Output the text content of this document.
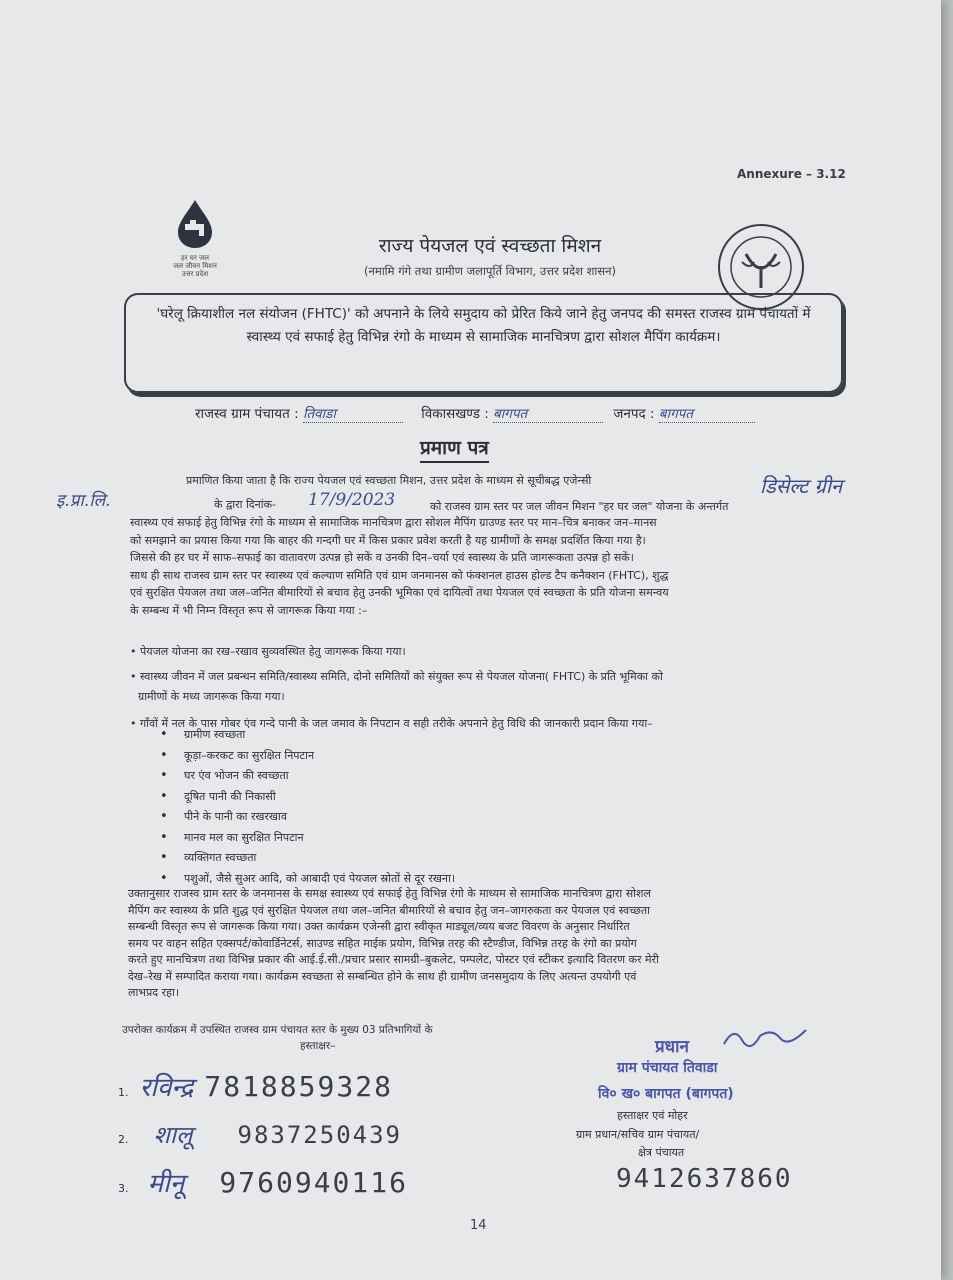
Annexure – 3.12
हर घर जल
जल जीवन मिशन
उत्तर प्रदेश
राज्य पेयजल एवं स्वच्छता मिशन
(नमामि गंगे तथा ग्रामीण जलापूर्ति विभाग, उत्तर प्रदेश शासन)

'घरेलू क्रियाशील नल संयोजन (FHTC)' को अपनाने के लिये समुदाय को प्रेरित किये जाने हेतु जनपद की समस्त राजस्व ग्राम पंचायतों में स्वास्थ्य एवं सफाई हेतु विभिन्न रंगो के माध्यम से सामाजिक मानचित्रण द्वारा सोशल मैपिंग कार्यक्रम।

राजस्व ग्राम पंचायत : तिवाडा	विकासखण्ड : बागपत	जनपद : बागपत
प्रमाण पत्र
प्रमाणित किया जाता है कि राज्य पेयजल एवं स्वच्छता मिशन, उत्तर प्रदेश के माध्यम से सूचीबद्ध एजेन्सी	डिसेल्ट ग्रीन
इ.प्रा.लि.	के द्वारा दिनांक- 17/9/2023	को राजस्व ग्राम स्तर पर जल जीवन मिशन "हर घर जल" योजना के अन्तर्गत
स्वास्थ्य एवं सफाई हेतु विभिन्न रंगो के माध्यम से सामाजिक मानचित्रण द्वारा सोशल मैपिंग ग्राउण्ड स्तर पर मान–चित्र बनाकर जन–मानस
को समझाने का प्रयास किया गया कि बाहर की गन्दगी घर में किस प्रकार प्रवेश करती है यह ग्रामीणों के समक्ष प्रदर्शित किया गया है।
जिससे की हर घर में साफ–सफाई का वातावरण उत्पन्न हो सकें व उनकी दिन–चर्या एवं स्वास्थ्य के प्रति जागरूकता उत्पन्न हो सकें।
साथ ही साथ राजस्व ग्राम स्तर पर स्वास्थ्य एवं कल्याण समिति एवं ग्राम जनमानस को फंक्शनल हाउस होल्ड टैप कनैक्शन (FHTC), शुद्ध
एवं सुरक्षित पेयजल तथा जल–जनित बीमारियों से बचाव हेतु उनकी भूमिका एवं दायित्वों तथा पेयजल एवं स्वच्छता के प्रति योजना समन्वय
के सम्बन्ध में भी निम्न विस्तृत रूप से जागरूक किया गया :–
• पेयजल योजना का रख–रखाव सुव्यवस्थित हेतु जागरूक किया गया।
• स्वास्थ्य जीवन में जल प्रबन्धन समिति/स्वास्थ्य समिति, दोनो समितियों को संयुक्त रूप से पेयजल योजना( FHTC) के प्रति भूमिका को
ग्रामीणों के मध्य जागरूक किया गया।
• गाँवों में नल के पास गोबर एंव गन्दे पानी के जल जमाव के निपटान व सही तरीके अपनाने हेतु विधि की जानकारी प्रदान किया गया–
• ग्रामीण स्वच्छता
• कूड़ा–करकट का सुरक्षित निपटान
• घर एंव भोजन की स्वच्छता
• दूषित पानी की निकासी
• पीने के पानी का रखरखाव
• मानव मल का सुरक्षित निपटान
• व्यक्तिगत स्वच्छता
• पशुओं, जैसे सुअर आदि, को आबादी एवं पेयजल स्रोतों से दूर रखना।
उक्तानुसार राजस्व ग्राम स्तर के जनमानस के समक्ष स्वास्थ्य एवं सफाई हेतु विभिन्न रंगो के माध्यम से सामाजिक मानचित्रण द्वारा सोशल
मैपिंग कर स्वास्थ्य के प्रति शुद्ध एवं सुरक्षित पेयजल तथा जल–जनित बीमारियों से बचाव हेतु जन–जागरुकता कर पेयजल एवं स्वच्छता
सम्बन्धी विस्तृत रूप से जागरूक किया गया। उक्त कार्यक्रम एजेन्सी द्वारा स्वीकृत माड्यूल/व्यय बजट विवरण के अनुसार निर्धारित
समय पर वाहन सहित एक्सपर्ट/कोवार्डिनेटर्स, साउण्ड सहित माईक प्रयोग, विभिन्न तरह की स्टैण्डीज, विभिन्न तरह के रंगो का प्रयोग
करते हुए मानचित्रण तथा विभिन्न प्रकार की आई.ई.सी./प्रचार प्रसार सामग्री–बुकलेट, पम्पलेट, पोस्टर एवं स्टीकर इत्यादि वितरण कर मेरी
देख–रेख में सम्पादित कराया गया। कार्यक्रम स्वच्छता से सम्बन्धित होने के साथ ही ग्रामीण जनसमुदाय के लिए अत्यन्त उपयोगी एवं
लाभप्रद रहा।
उपरोक्त कार्यक्रम में उपस्थित राजस्व ग्राम पंचायत स्तर के मुख्य 03 प्रतिभागियों के
हस्ताक्षर–
1. रविन्द्र 7818859328
2. शालू 9837250439
3. मीनू 9760940116
प्रधान
ग्राम पंचायत तिवाडा
वि० ख० बागपत (बागपत)
हस्ताक्षर एवं मोहर
ग्राम प्रधान/सचिव ग्राम पंचायत/
क्षेत्र पंचायत
9412637860
14
